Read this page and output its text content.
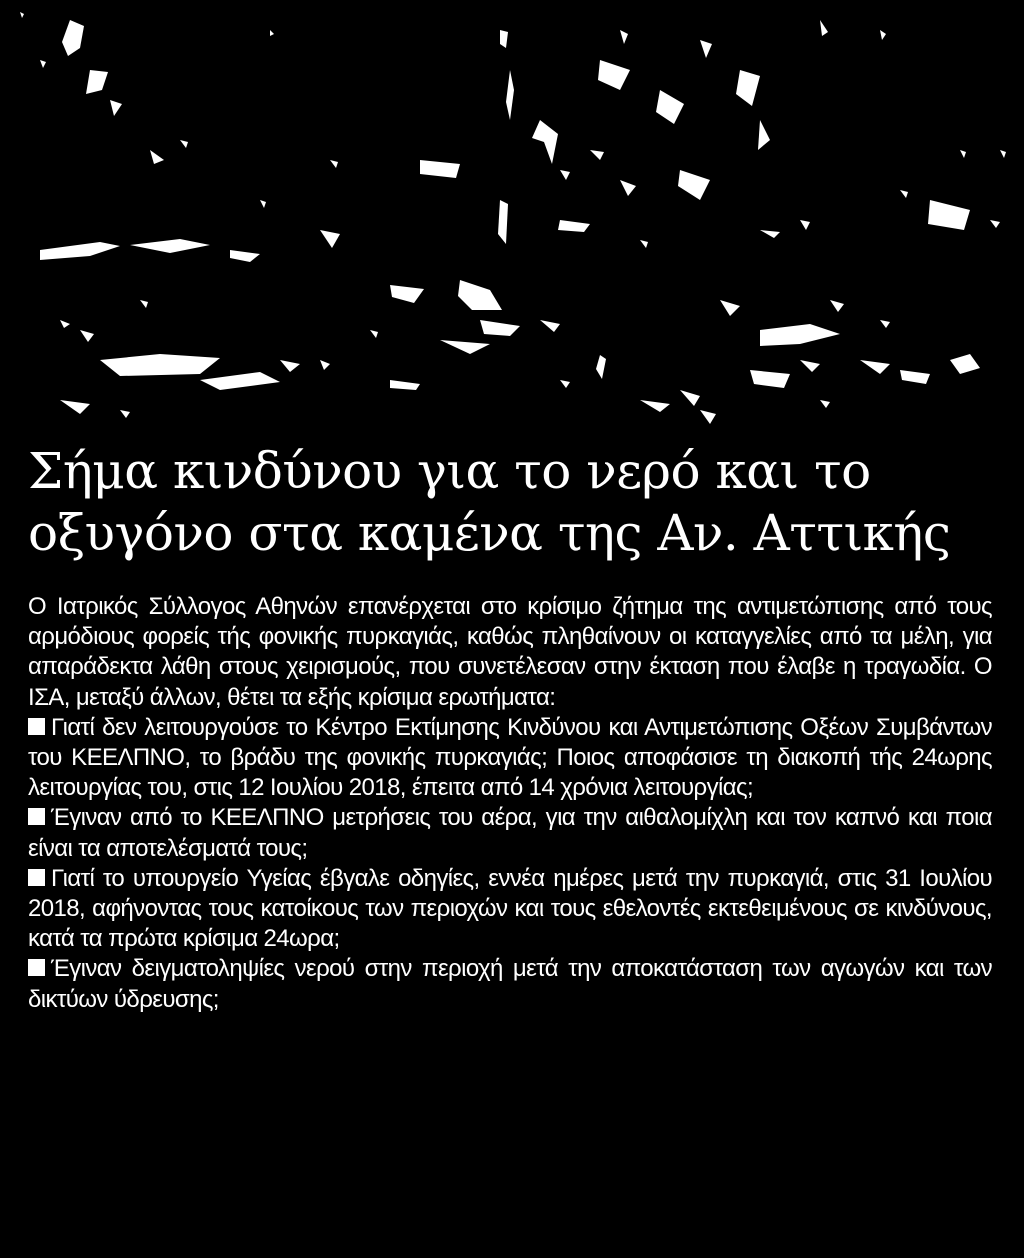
Σήμα κινδύνου για το νερό και το
οξυγόνο στα καμένα της Αν. Αττικής

Ο Ιατρικός Σύλλογος Αθηνών επανέρχεται στο κρίσιμο ζήτημα της αντιμετώπισης από τους αρμόδιους φορείς τής φονικής πυρκαγιάς, καθώς πληθαίνουν οι καταγγελίες από τα μέλη, για απαράδεκτα λάθη στους χειρισμούς, που συνετέλεσαν στην έκταση που έλαβε η τραγωδία. Ο ΙΣΑ, μεταξύ άλλων, θέτει τα εξής κρίσιμα ερωτήματα:

Γιατί δεν λειτουργούσε το Κέντρο Εκτίμησης Κινδύνου και Αντιμετώπισης Οξέων Συμβάντων του ΚΕΕΛΠΝΟ, το βράδυ της φονικής πυρκαγιάς; Ποιος αποφάσισε τη διακοπή τής 24ωρης λειτουργίας του, στις 12 Ιουλίου 2018, έπειτα από 14 χρόνια λειτουργίας;
Έγιναν από το ΚΕΕΛΠΝΟ μετρήσεις του αέρα, για την αιθαλομίχλη και τον καπνό και ποια είναι τα αποτελέσματά τους;
Γιατί το υπουργείο Υγείας έβγαλε οδηγίες, εννέα ημέρες μετά την πυρκαγιά, στις 31 Ιουλίου 2018, αφήνοντας τους κατοίκους των περιοχών και τους εθελοντές εκτεθειμένους σε κινδύνους, κατά τα πρώτα κρίσιμα 24ωρα;
Έγιναν δειγματοληψίες νερού στην περιοχή μετά την αποκατάσταση των αγωγών και των δικτύων ύδρευσης;
